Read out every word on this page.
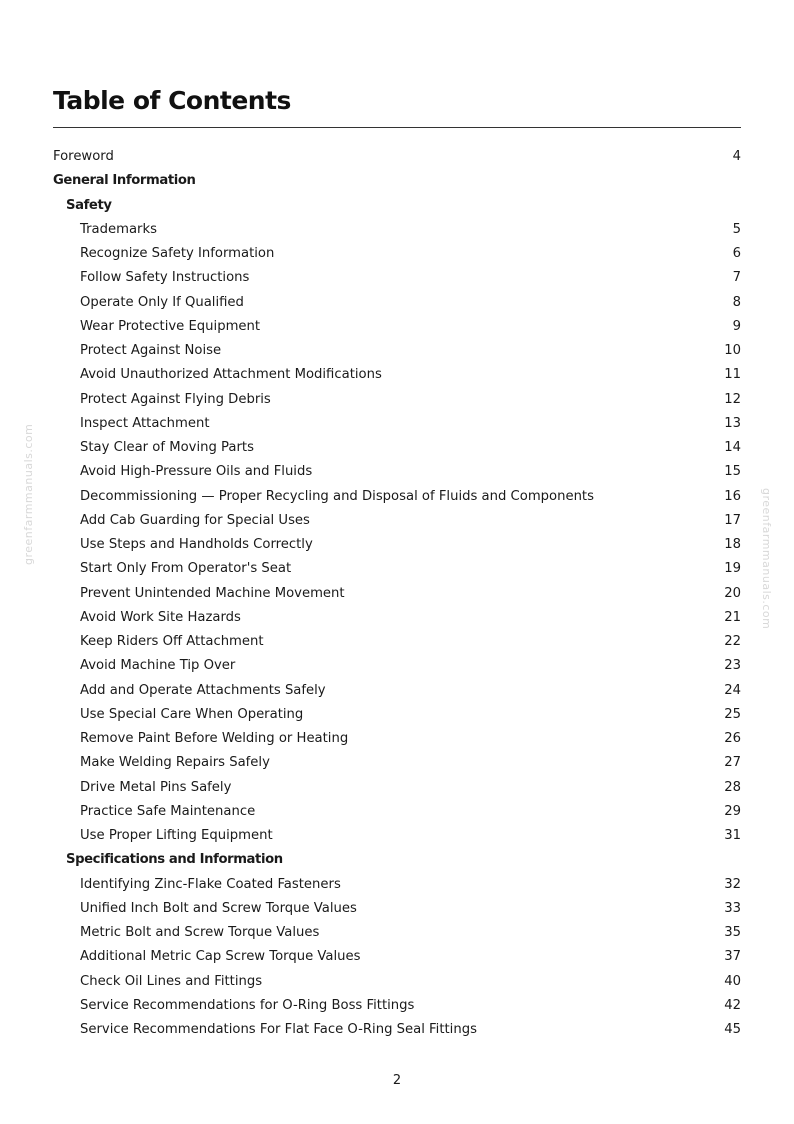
Table of Contents
Foreword	4
General Information
Safety
Trademarks	5
Recognize Safety Information	6
Follow Safety Instructions	7
Operate Only If Qualified	8
Wear Protective Equipment	9
Protect Against Noise	10
Avoid Unauthorized Attachment Modifications	11
Protect Against Flying Debris	12
Inspect Attachment	13
Stay Clear of Moving Parts	14
Avoid High-Pressure Oils and Fluids	15
Decommissioning — Proper Recycling and Disposal of Fluids and Components	16
Add Cab Guarding for Special Uses	17
Use Steps and Handholds Correctly	18
Start Only From Operator's Seat	19
Prevent Unintended Machine Movement	20
Avoid Work Site Hazards	21
Keep Riders Off Attachment	22
Avoid Machine Tip Over	23
Add and Operate Attachments Safely	24
Use Special Care When Operating	25
Remove Paint Before Welding or Heating	26
Make Welding Repairs Safely	27
Drive Metal Pins Safely	28
Practice Safe Maintenance	29
Use Proper Lifting Equipment	31
Specifications and Information
Identifying Zinc-Flake Coated Fasteners	32
Unified Inch Bolt and Screw Torque Values	33
Metric Bolt and Screw Torque Values	35
Additional Metric Cap Screw Torque Values	37
Check Oil Lines and Fittings	40
Service Recommendations for O-Ring Boss Fittings	42
Service Recommendations For Flat Face O-Ring Seal Fittings	45
greenfarmmanuals.com	greenfarmmanuals.com
2
